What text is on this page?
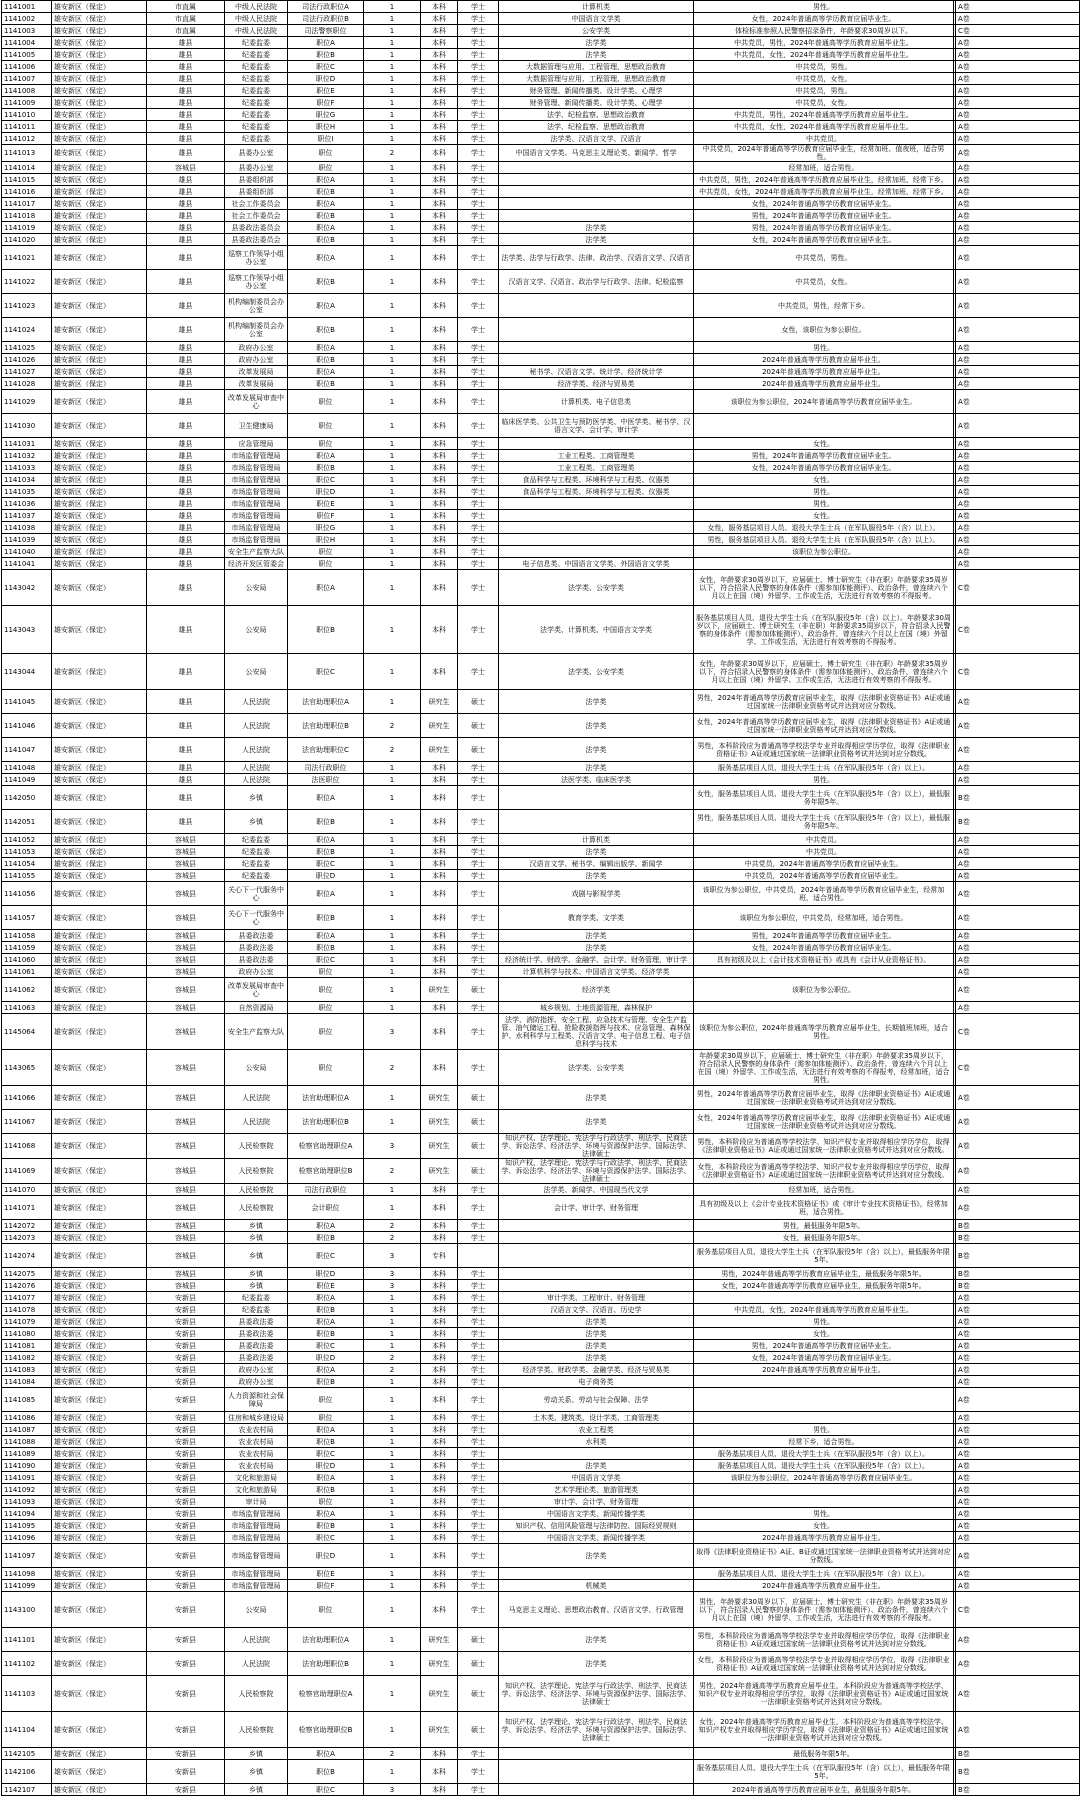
1141001	雄安新区（保定）	市直属	中级人民法院	司法行政职位A	1	本科	学士	计算机类	男性。		A卷
1141002	雄安新区（保定）	市直属	中级人民法院	司法行政职位B	1	本科	学士	中国语言文学类	女性，2024年普通高等学历教育应届毕业生。		A卷
1141003	雄安新区（保定）	市直属	中级人民法院	司法警察职位	1	本科	学士	公安学类	体检标准参照人民警察招录条件，年龄要求30周岁以下。		C卷
1141004	雄安新区（保定）	雄县	纪委监委	职位A	1	本科	学士	法学类	中共党员，男性，2024年普通高等学历教育应届毕业生。		A卷
1141005	雄安新区（保定）	雄县	纪委监委	职位B	1	本科	学士	法学类	中共党员，女性，2024年普通高等学历教育应届毕业生。		A卷
1141006	雄安新区（保定）	雄县	纪委监委	职位C	1	本科	学士	大数据管理与应用、工程管理、思想政治教育	中共党员，男性。		A卷
1141007	雄安新区（保定）	雄县	纪委监委	职位D	1	本科	学士	大数据管理与应用、工程管理、思想政治教育	中共党员，女性。		A卷
1141008	雄安新区（保定）	雄县	纪委监委	职位E	1	本科	学士	财务管理、新闻传播类、设计学类、心理学	中共党员，男性。		A卷
1141009	雄安新区（保定）	雄县	纪委监委	职位F	1	本科	学士	财务管理、新闻传播类、设计学类、心理学	中共党员，女性。		A卷
1141010	雄安新区（保定）	雄县	纪委监委	职位G	1	本科	学士	法学、纪检监察、思想政治教育	中共党员，男性，2024年普通高等学历教育应届毕业生。		A卷
1141011	雄安新区（保定）	雄县	纪委监委	职位H	1	本科	学士	法学、纪检监察、思想政治教育	中共党员，女性，2024年普通高等学历教育应届毕业生。		A卷
1141012	雄安新区（保定）	雄县	纪委监委	职位I	1	本科	学士	法学类、汉语言文学、汉语言	中共党员。		A卷
1141013	雄安新区（保定）	雄县	县委办公室	职位	2	本科	学士	中国语言文学类、马克思主义理论类、新闻学、哲学	中共党员，2024年普通高等学历教育应届毕业生，经常加班、值夜班，适合男性。		A卷
1141014	雄安新区（保定）	容城县	县委办公室	职位	1	本科	学士		经常加班，适合男性。		A卷
1141015	雄安新区（保定）	雄县	县委组织部	职位A	1	本科	学士		中共党员，男性，2024年普通高等学历教育应届毕业生，经常加班、经常下乡。		A卷
1141016	雄安新区（保定）	雄县	县委组织部	职位B	1	本科	学士		中共党员，女性，2024年普通高等学历教育应届毕业生，经常加班、经常下乡。		A卷
1141017	雄安新区（保定）	雄县	社会工作委员会	职位A	1	本科	学士		女性，2024年普通高等学历教育应届毕业生。		A卷
1141018	雄安新区（保定）	雄县	社会工作委员会	职位B	1	本科	学士		男性，2024年普通高等学历教育应届毕业生。		A卷
1141019	雄安新区（保定）	雄县	县委政法委员会	职位A	1	本科	学士	法学类	男性，2024年普通高等学历教育应届毕业生。		A卷
1141020	雄安新区（保定）	雄县	县委政法委员会	职位B	1	本科	学士	法学类	女性，2024年普通高等学历教育应届毕业生。		A卷
1141021	雄安新区（保定）	雄县	巡察工作领导小组办公室	职位A	1	本科	学士	法学类、法学与行政学、法律、政治学、汉语言文学、汉语言	中共党员，男性。		A卷
1141022	雄安新区（保定）	雄县	巡察工作领导小组办公室	职位B	1	本科	学士	汉语言文学、汉语言、政治学与行政学、法律、纪检监察	中共党员，女性。		A卷
1141023	雄安新区（保定）	雄县	机构编制委员会办公室	职位A	1	本科	学士		中共党员，男性，经常下乡。		A卷
1141024	雄安新区（保定）	雄县	机构编制委员会办公室	职位B	1	本科	学士		女性，该职位为参公职位。		A卷
1141025	雄安新区（保定）	雄县	政府办公室	职位A	1	本科	学士		男性。		A卷
1141026	雄安新区（保定）	雄县	政府办公室	职位B	1	本科	学士		2024年普通高等学历教育应届毕业生。		A卷
1141027	雄安新区（保定）	雄县	改革发展局	职位A	1	本科	学士	秘书学、汉语言文学、统计学、经济统计学	2024年普通高等学历教育应届毕业生。		A卷
1141028	雄安新区（保定）	雄县	改革发展局	职位B	1	本科	学士	经济学类、经济与贸易类	2024年普通高等学历教育应届毕业生。		A卷
1141029	雄安新区（保定）	雄县	改革发展局审查中心	职位	1	本科	学士	计算机类、电子信息类	该职位为参公职位，2024年普通高等学历教育应届毕业生。		A卷
1141030	雄安新区（保定）	雄县	卫生健康局	职位	1	本科	学士	临床医学类、公共卫生与预防医学类、中医学类、秘书学、汉语言文学、会计学、审计学			A卷
1141031	雄安新区（保定）	雄县	应急管理局	职位	1	本科	学士		女性。		A卷
1141032	雄安新区（保定）	雄县	市场监督管理局	职位A	1	本科	学士	工业工程类、工商管理类	男性，2024年普通高等学历教育应届毕业生。		A卷
1141033	雄安新区（保定）	雄县	市场监督管理局	职位B	1	本科	学士	工业工程类、工商管理类	女性，2024年普通高等学历教育应届毕业生。		A卷
1141034	雄安新区（保定）	雄县	市场监督管理局	职位C	1	本科	学士	食品科学与工程类、环境科学与工程类、仪器类	女性。		A卷
1141035	雄安新区（保定）	雄县	市场监督管理局	职位D	1	本科	学士	食品科学与工程类、环境科学与工程类、仪器类	男性。		A卷
1141036	雄安新区（保定）	雄县	市场监督管理局	职位E	1	本科	学士		男性。		A卷
1141037	雄安新区（保定）	雄县	市场监督管理局	职位F	1	本科	学士		女性。		A卷
1141038	雄安新区（保定）	雄县	市场监督管理局	职位G	1	本科	学士		女性，服务基层项目人员、退役大学生士兵（在军队服役5年（含）以上）。		A卷
1141039	雄安新区（保定）	雄县	市场监督管理局	职位H	1	本科	学士		男性，服务基层项目人员、退役大学生士兵（在军队服役5年（含）以上）。		A卷
1141040	雄安新区（保定）	雄县	安全生产监察大队	职位	1	本科	学士		该职位为参公职位。		A卷
1141041	雄安新区（保定）	雄县	经济开发区管委会	职位	1	本科	学士	电子信息类、中国语言文学类、外国语言文学类			A卷
1143042	雄安新区（保定）	雄县	公安局	职位A	1	本科	学士	法学类、公安学类	女性，年龄要求30周岁以下，应届硕士、博士研究生（非在职）年龄要求35周岁以下，符合招录人民警察的身体条件（需参加体能测评）、政治条件，曾连续六个月以上在国（境）外留学、工作或生活，无法进行有效考察的不得报考。		C卷
1143043	雄安新区（保定）	雄县	公安局	职位B	1	本科	学士	法学类、计算机类、中国语言文学类	服务基层项目人员、退役大学生士兵（在军队服役5年（含）以上）。年龄要求30周岁以下，应届硕士、博士研究生（非在职）年龄要求35周岁以下，符合招录人民警察的身体条件（需参加体能测评）、政治条件，曾连续六个月以上在国（境）外留学、工作或生活，无法进行有效考察的不得报考。		C卷
1143044	雄安新区（保定）	雄县	公安局	职位C	1	本科	学士	法学类、公安学类	女性，年龄要求30周岁以下，应届硕士、博士研究生（非在职）年龄要求35周岁以下，符合招录人民警察的身体条件（需参加体能测评）、政治条件，曾连续六个月以上在国（境）外留学、工作或生活，无法进行有效考察的不得报考。		C卷
1141045	雄安新区（保定）	雄县	人民法院	法官助理职位A	1	研究生	硕士	法学类	男性，2024年普通高等学历教育应届毕业生，取得《法律职业资格证书》A证或通过国家统一法律职业资格考试并达到对应分数线。		A卷
1141046	雄安新区（保定）	雄县	人民法院	法官助理职位B	2	研究生	硕士	法学类	女性，2024年普通高等学历教育应届毕业生，取得《法律职业资格证书》A证或通过国家统一法律职业资格考试并达到对应分数线。		A卷
1141047	雄安新区（保定）	雄县	人民法院	法官助理职位C	2	研究生	硕士	法学类	男性，本科阶段应为普通高等学校法学专业并取得相应学历学位，取得《法律职业资格证书》A证或通过国家统一法律职业资格考试并达到对应分数线。		A卷
1141048	雄安新区（保定）	雄县	人民法院	司法行政职位	1	本科	学士	法学类	服务基层项目人员、退役大学生士兵（在军队服役5年（含）以上）。		A卷
1141049	雄安新区（保定）	雄县	人民法院	法医职位	1	本科	学士	法医学类、临床医学类	男性。		A卷
1142050	雄安新区（保定）	雄县	乡镇	职位A	1	本科	学士		女性，服务基层项目人员、退役大学生士兵（在军队服役5年（含）以上），最低服务年限5年。		B卷
1142051	雄安新区（保定）	雄县	乡镇	职位B	1	本科	学士		男性，服务基层项目人员、退役大学生士兵（在军队服役5年（含）以上），最低服务年限5年。		B卷
1141052	雄安新区（保定）	容城县	纪委监委	职位A	1	本科	学士	计算机类	中共党员。		A卷
1141053	雄安新区（保定）	容城县	纪委监委	职位B	1	本科	学士	法学类	中共党员。		A卷
1141054	雄安新区（保定）	容城县	纪委监委	职位C	1	本科	学士	汉语言文学、秘书学、编辑出版学、新闻学	中共党员，2024年普通高等学历教育应届毕业生。		A卷
1141055	雄安新区（保定）	容城县	纪委监委	职位D	1	本科	学士	法学类	中共党员，2024年普通高等学历教育应届毕业生。		A卷
1141056	雄安新区（保定）	容城县	关心下一代服务中心	职位A	1	本科	学士	戏剧与影视学类	该职位为参公职位，中共党员，2024年普通高等学历教育应届毕业生，经常加班，适合男性。		A卷
1141057	雄安新区（保定）	容城县	关心下一代服务中心	职位B	1	本科	学士	教育学类、文学类	该职位为参公职位，中共党员，经常加班，适合男性。		A卷
1141058	雄安新区（保定）	容城县	县委政法委	职位A	1	本科	学士	法学类	男性，2024年普通高等学历教育应届毕业生。		A卷
1141059	雄安新区（保定）	容城县	县委政法委	职位B	1	本科	学士	法学类	女性，2024年普通高等学历教育应届毕业生。		A卷
1141060	雄安新区（保定）	容城县	县委政法委	职位C	1	本科	学士	经济统计学、财政学、金融学、会计学、财务管理、审计学	具有初级及以上《会计技术资格证书》或具有《会计从业资格证书》。		A卷
1141061	雄安新区（保定）	容城县	政府办公室	职位	1	本科	学士	计算机科学与技术、中国语言文学类、经济学类			A卷
1141062	雄安新区（保定）	容城县	改革发展局审查中心	职位	1	研究生	硕士	经济学类	该职位为参公职位。		A卷
1141063	雄安新区（保定）	容城县	自然资源局	职位	1	本科	学士	城乡规划、土地资源管理、森林保护			A卷
1145064	雄安新区（保定）	容城县	安全生产监察大队	职位	3	本科	学士	法学、消防指挥、安全工程、应急技术与管理、安全生产监管、油气储运工程、抢险救援指挥与技术、应急管理、森林保护、水利科学与工程类、汉语言文学、电子信息工程、电子信息科学与技术	该职位为参公职位，2024年普通高等学历教育应届毕业生，长期值班加班，适合男性。		C卷
1143065	雄安新区（保定）	容城县	公安局	职位	2	本科	学士	法学类、公安学类	年龄要求30周岁以下，应届硕士、博士研究生（非在职）年龄要求35周岁以下，符合招录人民警察的身体条件（需参加体能测评）、政治条件，曾连续六个月以上在国（境）外留学、工作或生活，无法进行有效考察的不得报考，经常加班，适合男性。		C卷
1141066	雄安新区（保定）	容城县	人民法院	法官助理职位A	1	研究生	硕士	法学类	男性，2024年普通高等学历教育应届毕业生，取得《法律职业资格证书》A证或通过国家统一法律职业资格考试并达到对应分数线。		A卷
1141067	雄安新区（保定）	容城县	人民法院	法官助理职位B	1	研究生	硕士	法学类	女性，2024年普通高等学历教育应届毕业生，取得《法律职业资格证书》A证或通过国家统一法律职业资格考试并达到对应分数线。		A卷
1141068	雄安新区（保定）	容城县	人民检察院	检察官助理职位A	3	研究生	硕士	知识产权、法学理论、宪法学与行政法学、刑法学、民商法学、诉讼法学、经济法学、环境与资源保护法学、国际法学、法律硕士	男性，本科阶段应为普通高等学校法学、知识产权专业并取得相应学历学位，取得《法律职业资格证书》A证或通过国家统一法律职业资格考试并达到对应分数线。		A卷
1141069	雄安新区（保定）	容城县	人民检察院	检察官助理职位B	2	研究生	硕士	知识产权、法学理论、宪法学与行政法学、刑法学、民商法学、诉讼法学、经济法学、环境与资源保护法学、国际法学、法律硕士	女性，本科阶段应为普通高等学校法学、知识产权专业并取得相应学历学位，取得《法律职业资格证书》A证或通过国家统一法律职业资格考试并达到对应分数线。		A卷
1141070	雄安新区（保定）	容城县	人民检察院	司法行政职位	1	本科	学士	法学类、新闻学、中国现当代文学	经常加班，适合男性。		A卷
1141071	雄安新区（保定）	容城县	人民检察院	会计职位	1	本科	学士	会计学、审计学、财务管理	具有初级及以上《会计专业技术资格证书》或《审计专业技术资格证书》，经常加班，适合男性。		A卷
1142072	雄安新区（保定）	容城县	乡镇	职位A	2	本科	学士		男性，最低服务年限5年。		B卷
1142073	雄安新区（保定）	容城县	乡镇	职位B	2	本科	学士		女性，最低服务年限5年。		B卷
1142074	雄安新区（保定）	容城县	乡镇	职位C	3	专科			服务基层项目人员、退役大学生士兵（在军队服役5年（含）以上），最低服务年限5年。		B卷
1142075	雄安新区（保定）	容城县	乡镇	职位D	3	本科	学士		男性，2024年普通高等学历教育应届毕业生，最低服务年限5年。		B卷
1142076	雄安新区（保定）	容城县	乡镇	职位E	3	本科	学士		女性，2024年普通高等学历教育应届毕业生，最低服务年限5年。		B卷
1141077	雄安新区（保定）	安新县	纪委监委	职位A	1	本科	学士	审计学类、工程审计、财务管理			A卷
1141078	雄安新区（保定）	安新县	纪委监委	职位B	1	本科	学士	汉语言文学、汉语言、历史学	中共党员，女性，2024年普通高等学历教育应届毕业生。		A卷
1141079	雄安新区（保定）	安新县	县委政法委	职位A	1	本科	学士	法学类	男性。		A卷
1141080	雄安新区（保定）	安新县	县委政法委	职位B	1	本科	学士	法学类	女性。		A卷
1141081	雄安新区（保定）	安新县	县委政法委	职位C	1	本科	学士	法学类	男性，2024年普通高等学历教育应届毕业生。		A卷
1141082	雄安新区（保定）	安新县	县委政法委	职位D	2	本科	学士	法学类	女性，2024年普通高等学历教育应届毕业生。		A卷
1141083	雄安新区（保定）	安新县	政府办公室	职位A	2	本科	学士	经济学类、财政学类、金融学类、经济与贸易类	2024年普通高等学历教育应届毕业生。		A卷
1141084	雄安新区（保定）	安新县	政府办公室	职位B	1	本科	学士	电子商务类			A卷
1141085	雄安新区（保定）	安新县	人力资源和社会保障局	职位	1	本科	学士	劳动关系、劳动与社会保障、法学			A卷
1141086	雄安新区（保定）	安新县	住房和城乡建设局	职位	1	本科	学士	土木类、建筑类、设计学类、工商管理类			A卷
1141087	雄安新区（保定）	安新县	农业农村局	职位A	1	本科	学士	农业工程类	男性。		A卷
1141088	雄安新区（保定）	安新县	农业农村局	职位B	1	本科	学士	水利类	经常下乡，适合男性。		A卷
1141089	雄安新区（保定）	安新县	农业农村局	职位C	1	本科	学士		服务基层项目人员、退役大学生士兵（在军队服役5年（含）以上）。		A卷
1141090	雄安新区（保定）	安新县	农业农村局	职位D	1	本科	学士	法学类	服务基层项目人员、退役大学生士兵（在军队服役5年（含）以上）。		A卷
1141091	雄安新区（保定）	安新县	文化和旅游局	职位A	1	本科	学士	中国语言文学类	该职位为参公职位，2024年普通高等学历教育应届毕业生。		A卷
1141092	雄安新区（保定）	安新县	文化和旅游局	职位B	1	本科	学士	艺术学理论类、旅游管理类			A卷
1141093	雄安新区（保定）	安新县	审计局	职位	1	本科	学士	审计学、会计学、财务管理			A卷
1141094	雄安新区（保定）	安新县	市场监督管理局	职位A	1	本科	学士	中国语言文学类、新闻传播学类	男性。		A卷
1141095	雄安新区（保定）	安新县	市场监督管理局	职位B	1	本科	学士	知识产权、信用风险管理与法律防控、国际经贸规则	女性。		A卷
1141096	雄安新区（保定）	安新县	市场监督管理局	职位C	1	本科	学士	中国语言文学类、新闻传播学类	2024年普通高等学历教育应届毕业生。		A卷
1141097	雄安新区（保定）	安新县	市场监督管理局	职位D	1	本科	学士	法学类	取得《法律职业资格证书》A证、B证或通过国家统一法律职业资格考试并达到对应分数线。		A卷
1141098	雄安新区（保定）	安新县	市场监督管理局	职位E	1	本科	学士		服务基层项目人员、退役大学生士兵（在军队服役5年（含）以上）。		A卷
1141099	雄安新区（保定）	安新县	市场监督管理局	职位F	1	本科	学士	机械类	2024年普通高等学历教育应届毕业生。		A卷
1143100	雄安新区（保定）	安新县	公安局	职位	1	本科	学士	马克思主义理论、思想政治教育、汉语言文学、行政管理	男性，年龄要求30周岁以下，应届硕士、博士研究生（非在职）年龄要求35周岁以下，符合招录人民警察的身体条件（需参加体能测评）、政治条件，曾连续六个月以上在国（境）外留学、工作或生活，无法进行有效考察的不得报考。		C卷
1141101	雄安新区（保定）	安新县	人民法院	法官助理职位A	1	研究生	硕士	法学类	男性，本科阶段应为普通高等学校法学专业并取得相应学历学位，取得《法律职业资格证书》A证或通过国家统一法律职业资格考试并达到对应分数线。		A卷
1141102	雄安新区（保定）	安新县	人民法院	法官助理职位B	1	研究生	硕士	法学类	女性，本科阶段应为普通高等学校法学专业并取得相应学历学位，取得《法律职业资格证书》A证或通过国家统一法律职业资格考试并达到对应分数线。		A卷
1141103	雄安新区（保定）	安新县	人民检察院	检察官助理职位A	1	研究生	硕士	知识产权、法学理论、宪法学与行政法学、刑法学、民商法学、诉讼法学、经济法学、环境与资源保护法学、国际法学、法律硕士	男性，2024年普通高等学历教育应届毕业生，本科阶段应为普通高等学校法学、知识产权专业并取得相应学历学位，取得《法律职业资格证书》A证或通过国家统一法律职业资格考试并达到对应分数线。		A卷
1141104	雄安新区（保定）	安新县	人民检察院	检察官助理职位B	1	研究生	硕士	知识产权、法学理论、宪法学与行政法学、刑法学、民商法学、诉讼法学、经济法学、环境与资源保护法学、国际法学、法律硕士	女性，2024年普通高等学历教育应届毕业生，本科阶段应为普通高等学校法学、知识产权专业并取得相应学历学位，取得《法律职业资格证书》A证或通过国家统一法律职业资格考试并达到对应分数线。		A卷
1142105	雄安新区（保定）	安新县	乡镇	职位A	2	本科	学士		最低服务年限5年。		B卷
1142106	雄安新区（保定）	安新县	乡镇	职位B	1	本科	学士		服务基层项目人员、退役大学生士兵（在军队服役5年（含）以上），最低服务年限5年。		B卷
1142107	雄安新区（保定）	安新县	乡镇	职位C	3	本科	学士		2024年普通高等学历教育应届毕业生，最低服务年限5年。		B卷
